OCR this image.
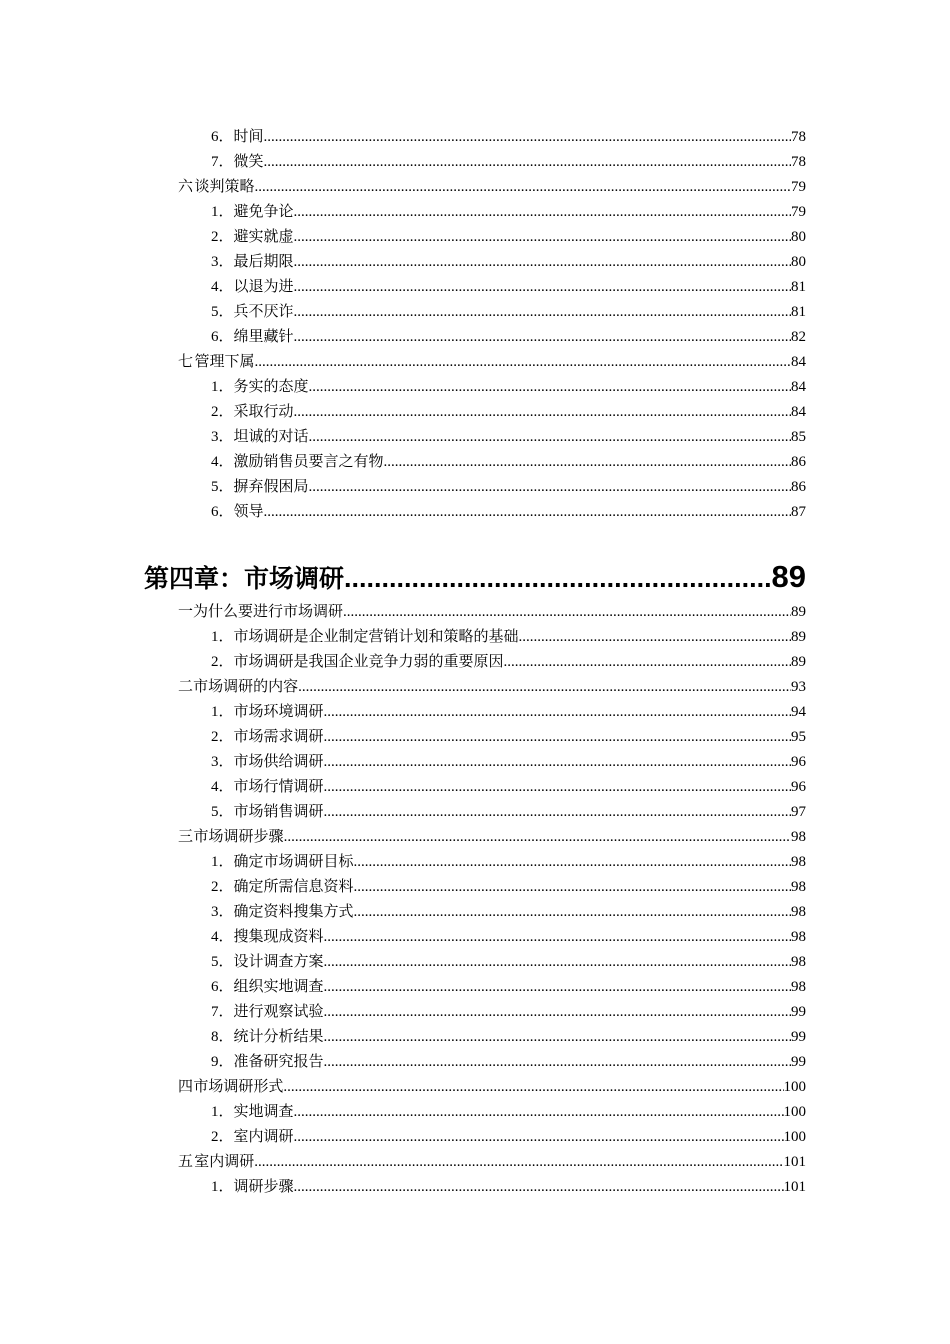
6． 时间 .....	78
7． 微笑 .....	78
六 谈判策略 .....	79
1． 避免争论 .....	79
2． 避实就虚 .....	80
3． 最后期限 .....	80
4． 以退为进 .....	81
5． 兵不厌诈 .....	81
6． 绵里藏针 .....	82
七 管理下属 .....	84
1． 务实的态度 .....	84
2． 采取行动 .....	84
3． 坦诚的对话 .....	85
4． 激励销售员要言之有物 .....	86
5． 摒弃假困局 .....	86
6． 领导 .....	87
第四章：市场调研 .....	89
一 为什么要进行市场调研 .....	89
1． 市场调研是企业制定营销计划和策略的基础 .....	89
2． 市场调研是我国企业竞争力弱的重要原因 .....	89
二 市场调研的内容 .....	93
1． 市场环境调研 .....	94
2． 市场需求调研 .....	95
3． 市场供给调研 .....	96
4． 市场行情调研 .....	96
5． 市场销售调研 .....	97
三 市场调研步骤 .....	98
1． 确定市场调研目标 .....	98
2． 确定所需信息资料 .....	98
3． 确定资料搜集方式 .....	98
4． 搜集现成资料 .....	98
5． 设计调查方案 .....	98
6． 组织实地调查 .....	98
7． 进行观察试验 .....	99
8． 统计分析结果 .....	99
9． 准备研究报告 .....	99
四 市场调研形式 .....	100
1． 实地调查 .....	100
2． 室内调研 .....	100
五 室内调研 .....	101
1． 调研步骤 .....	101
